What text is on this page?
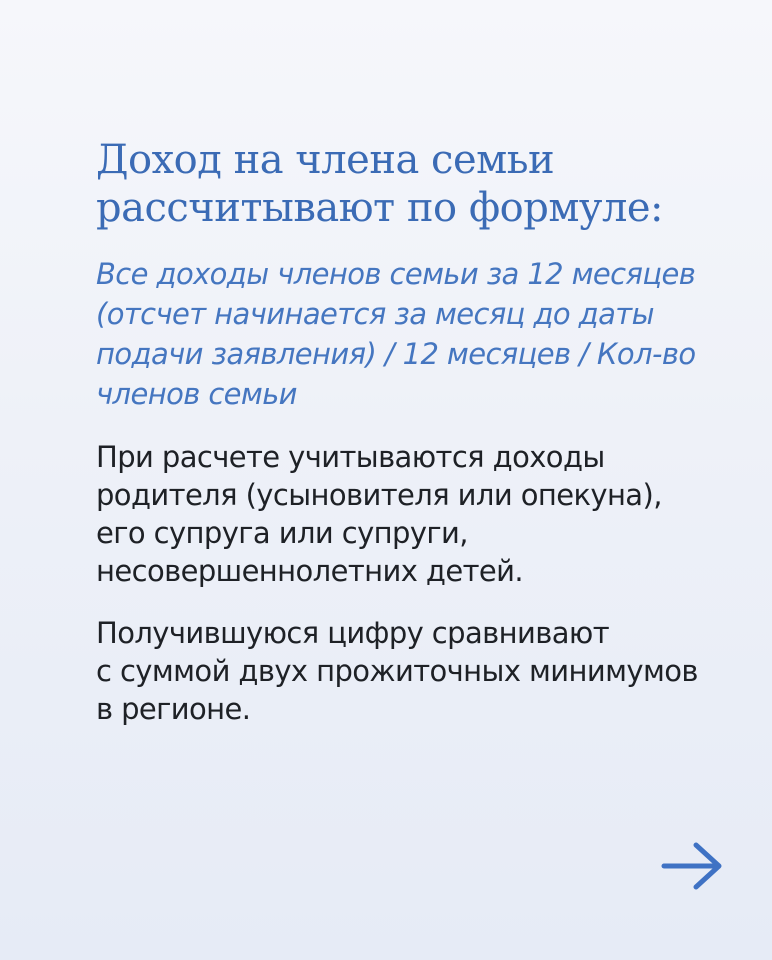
Доход на члена семьи
рассчитывают по формуле:

Все доходы членов семьи за 12 месяцев
(отсчет начинается за месяц до даты
подачи заявления) / 12 месяцев / Кол-во
членов семьи

При расчете учитываются доходы
родителя (усыновителя или опекуна),
его супруга или супруги,
несовершеннолетних детей.

Получившуюся цифру сравнивают
с суммой двух прожиточных минимумов
в регионе.
